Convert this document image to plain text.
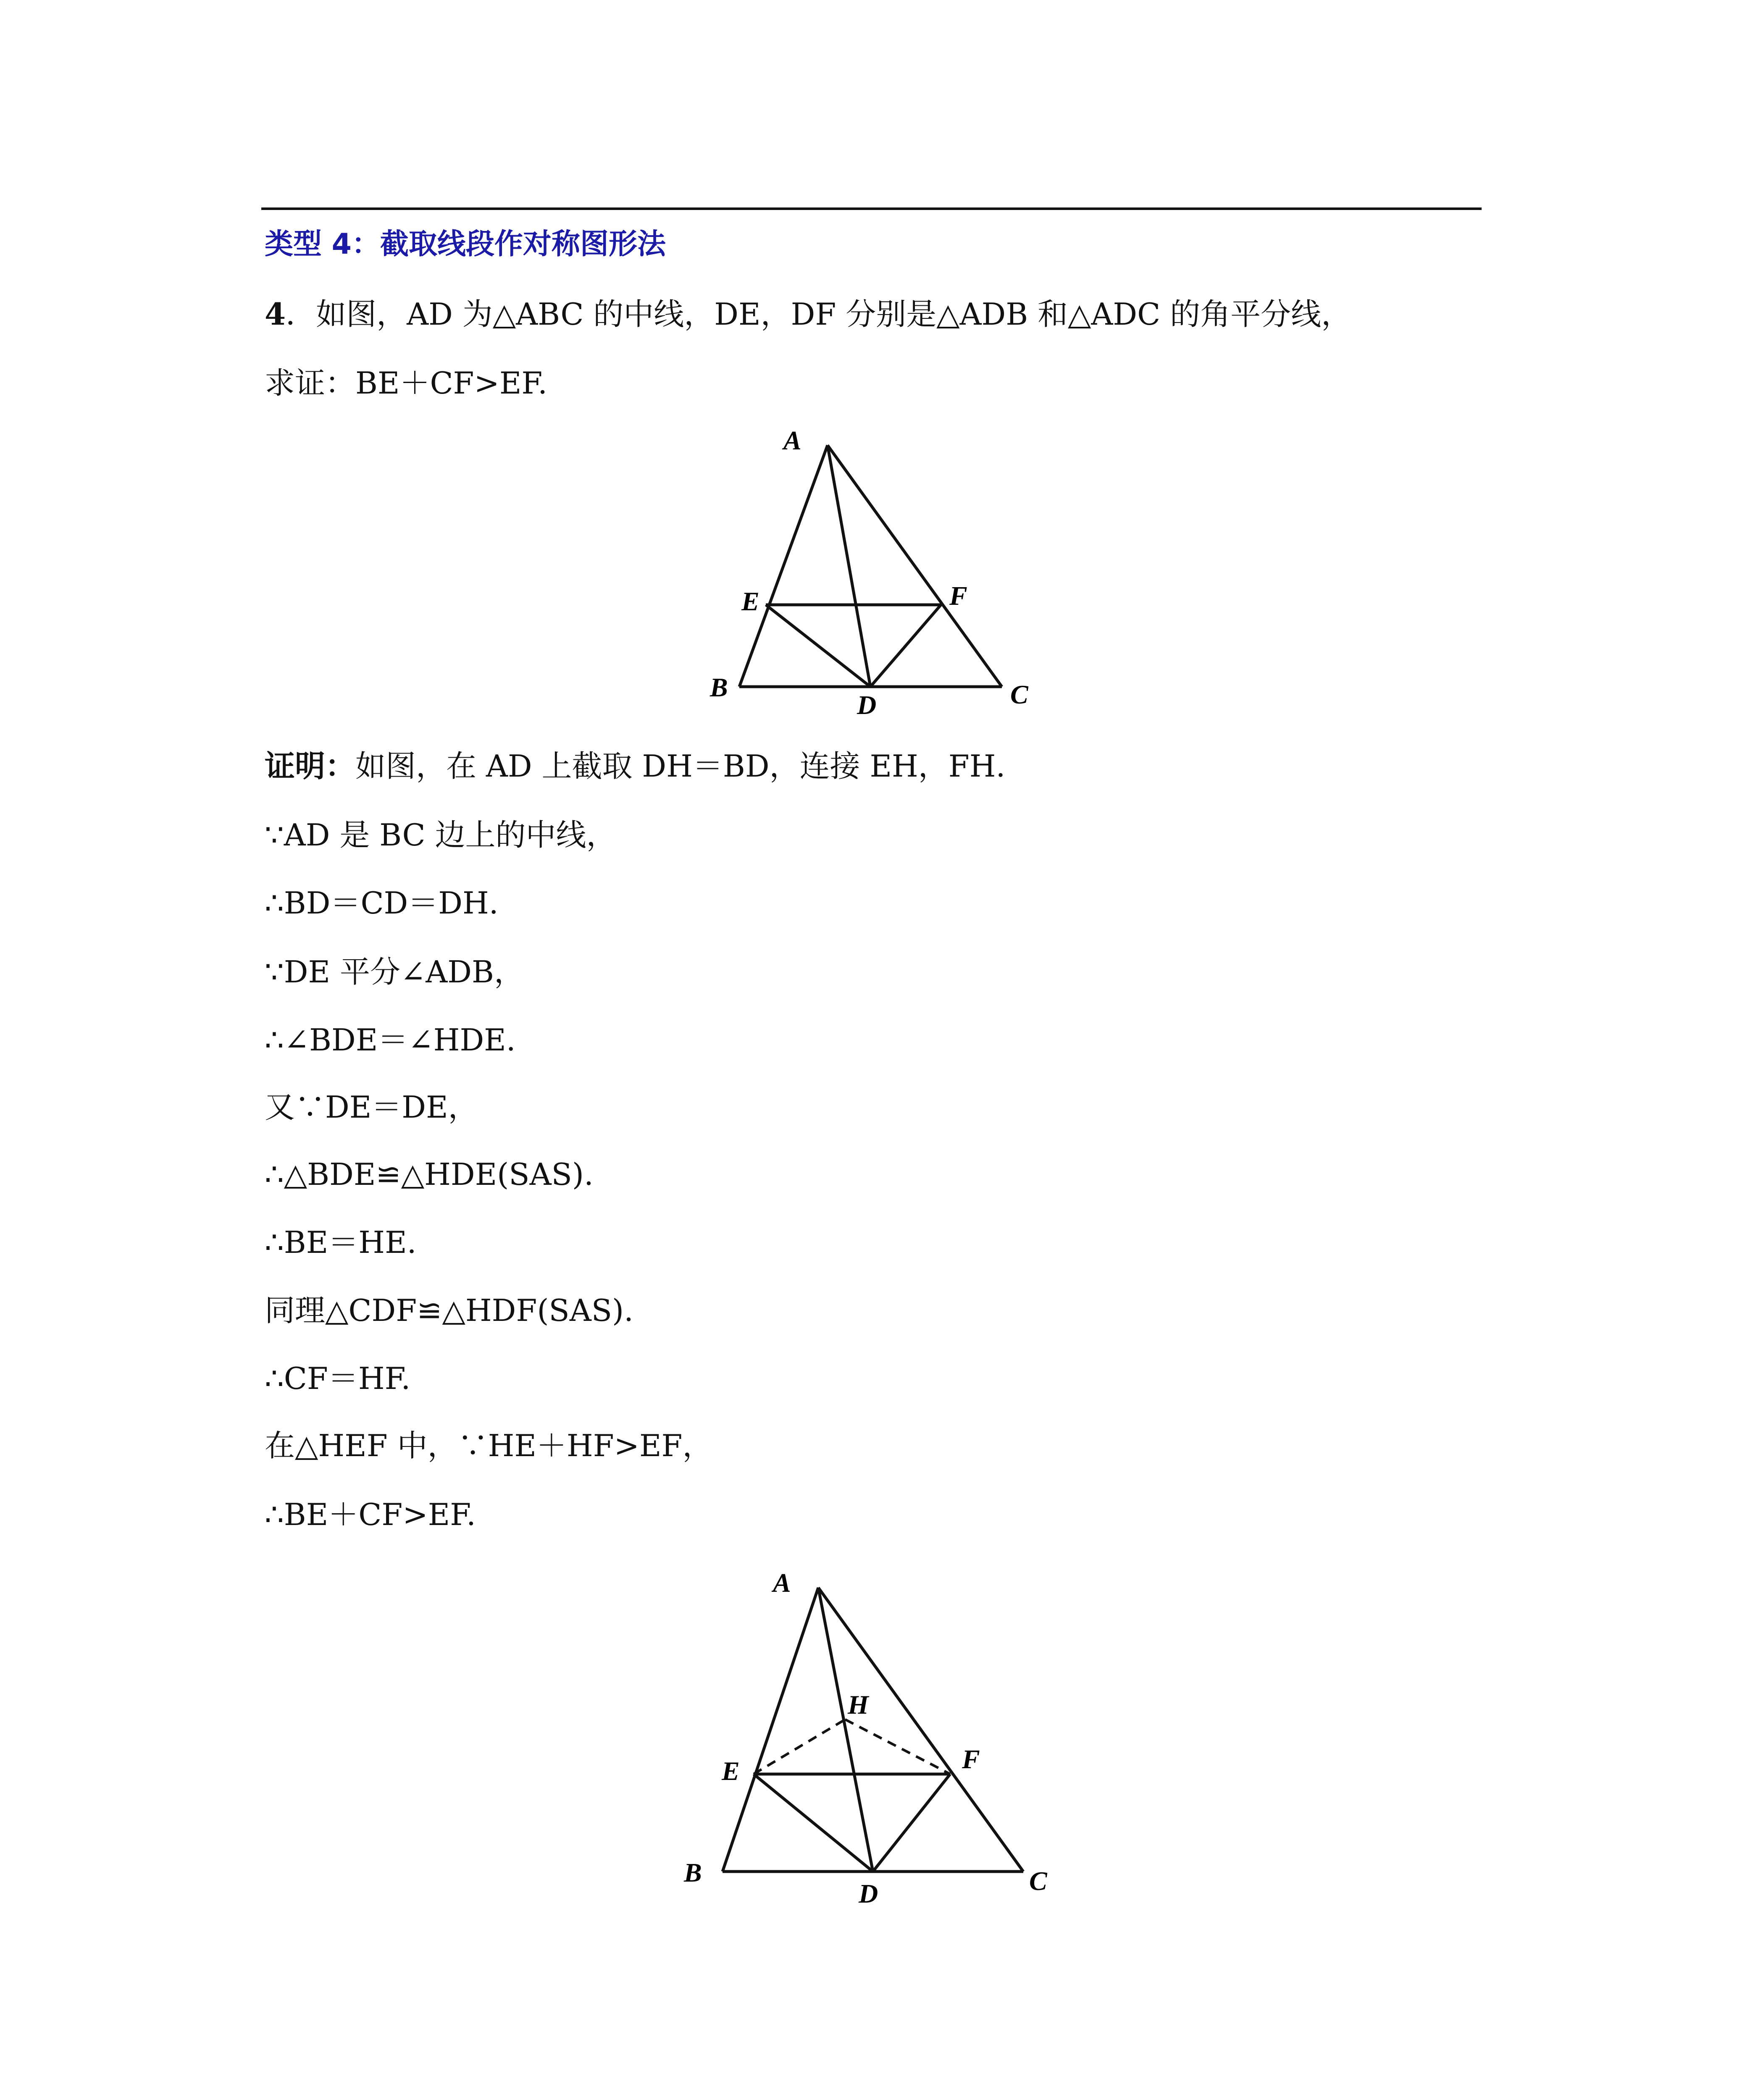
类型 4：截取线段作对称图形法
4．如图，AD 为△ABC 的中线，DE，DF 分别是△ADB 和△ADC 的角平分线，
求证：BE＋CF>EF.
A
E	F
B
D	C
证明：如图，在 AD 上截取 DH＝BD，连接 EH，FH.
∵AD 是 BC 边上的中线，
∴BD＝CD＝DH.
∵DE 平分∠ADB，
∴∠BDE＝∠HDE.
又∵DE＝DE，
∴△BDE≌△HDE(SAS).
∴BE＝HE.
同理△CDF≌△HDF(SAS).
∴CF＝HF.
在△HEF 中，∵HE＋HF>EF，
∴BE＋CF>EF.
A
H
E	F
B
D	C
